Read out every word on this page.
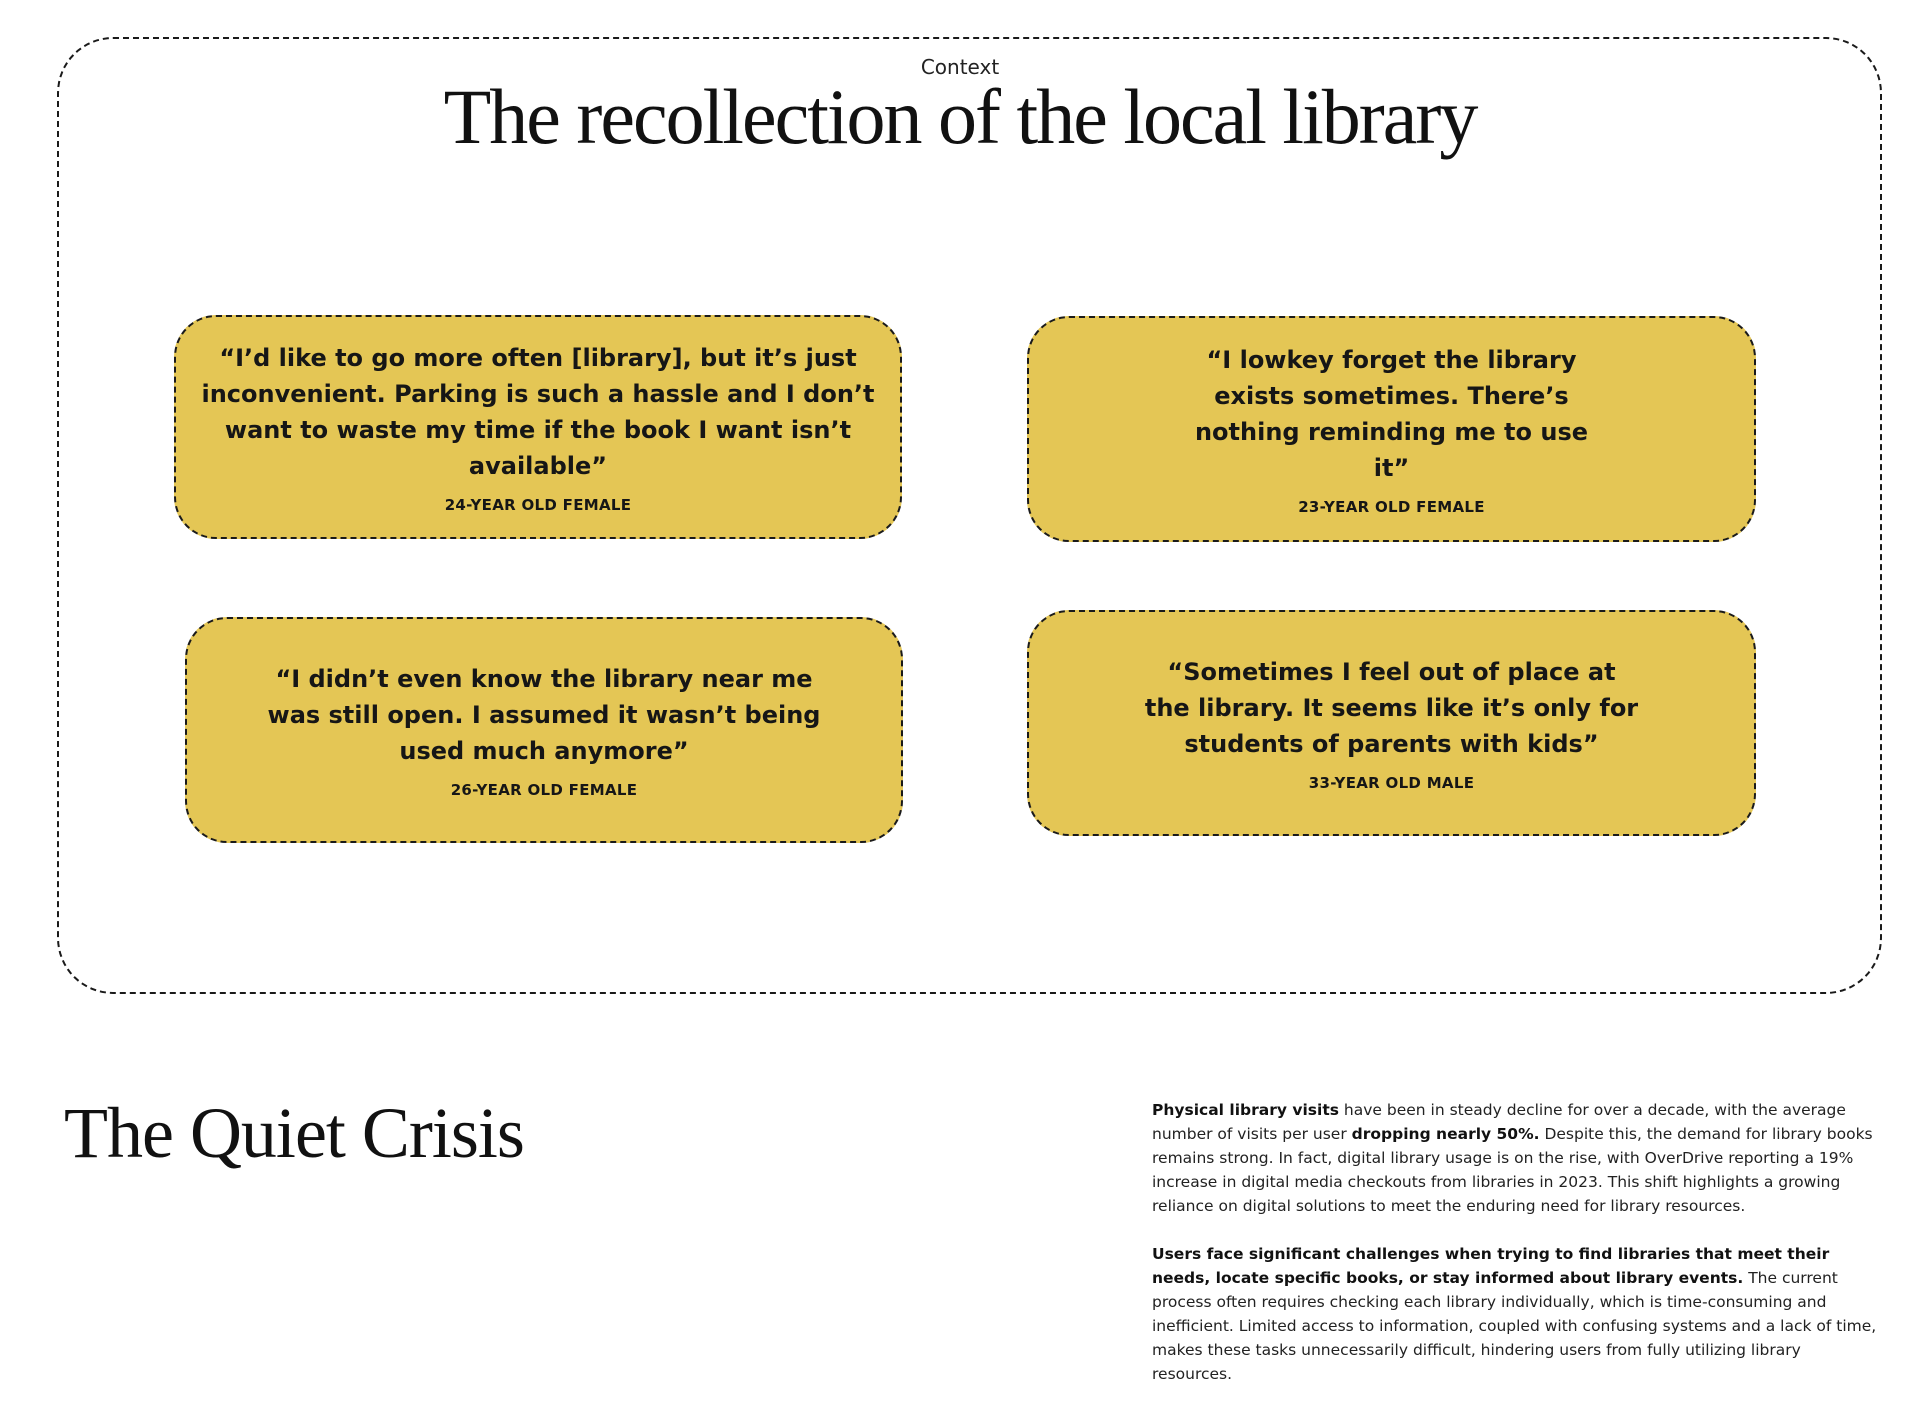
Context
The recollection of the local library

“I’d like to go more often [library], but it’s just inconvenient. Parking is such a hassle and I don’t want to waste my time if the book I want isn’t available”

24-YEAR OLD FEMALE

“I lowkey forget the library exists sometimes. There’s nothing reminding me to use it”

23-YEAR OLD FEMALE

“I didn’t even know the library near me was still open. I assumed it wasn’t being used much anymore”

26-YEAR OLD FEMALE

“Sometimes I feel out of place at the library. It seems like it’s only for students of parents with kids”

33-YEAR OLD MALE
The Quiet Crisis	Physical library visits have been in steady decline for over a decade, with the average number of visits per user dropping nearly 50%. Despite this, the demand for library books remains strong. In fact, digital library usage is on the rise, with OverDrive reporting a 19% increase in digital media checkouts from libraries in 2023. This shift highlights a growing reliance on digital solutions to meet the enduring need for library resources.

Users face significant challenges when trying to find libraries that meet their needs, locate specific books, or stay informed about library events. The current process often requires checking each library individually, which is time-consuming and inefficient. Limited access to information, coupled with confusing systems and a lack of time, makes these tasks unnecessarily difficult, hindering users from fully utilizing library resources.
